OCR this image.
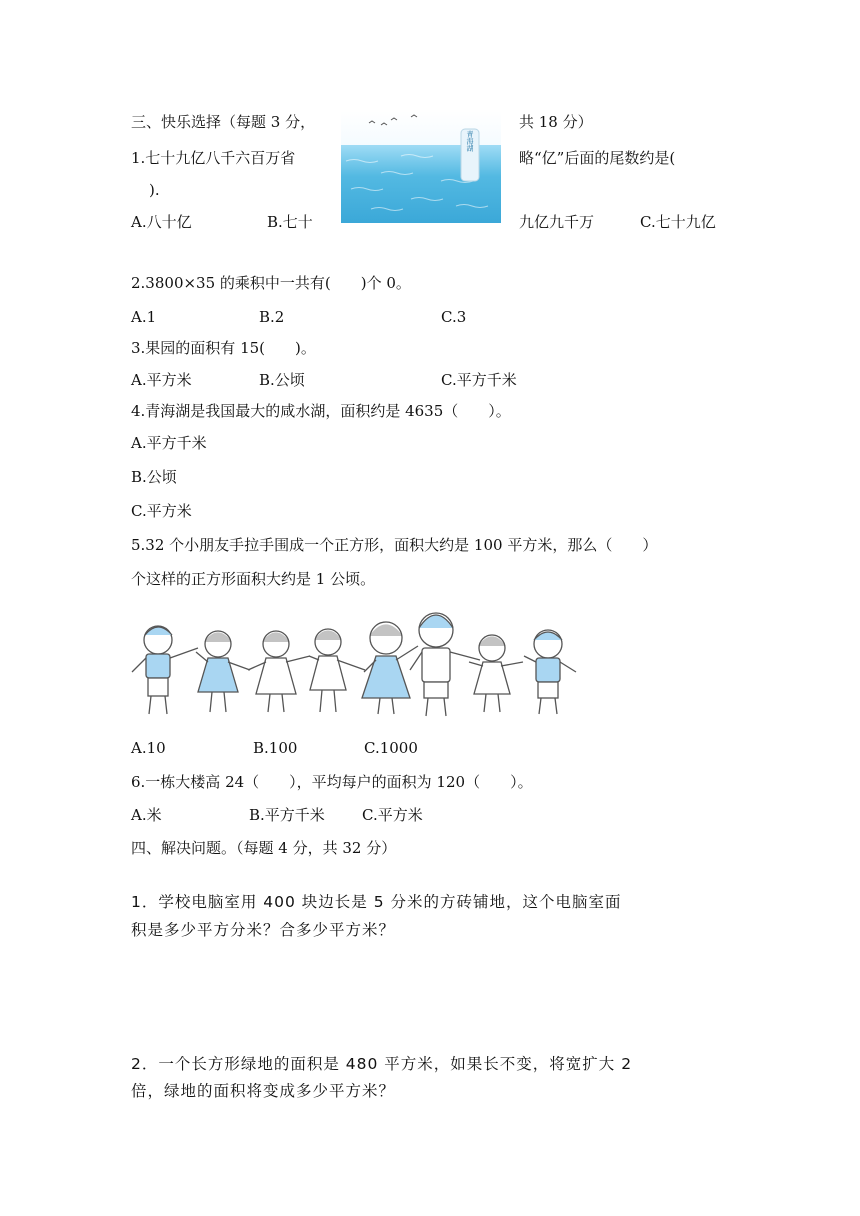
三、快乐选择（每题 3 分，	共 18 分）
青海湖
1.七十九亿八千六百万省	略“亿”后面的尾数约是(
).
A.八十亿	B.七十	九亿九千万	C.七十九亿
2.3800×35 的乘积中一共有(　　)个 0。
A.1	B.2	C.3
3.果园的面积有 15(　　)。
A.平方米	B.公顷	C.平方千米
4.青海湖是我国最大的咸水湖，面积约是 4635（　　）。
A.平方千米
B.公顷
C.平方米
5.32 个小朋友手拉手围成一个正方形，面积大约是 100 平方米，那么（　　）
个这样的正方形面积大约是 1 公顷。
A.10	B.100	C.1000
6.一栋大楼高 24（　　），平均每户的面积为 120（　　）。
A.米	B.平方千米 C.平方米
四、解决问题。（每题 4 分，共 32 分）
1．学校电脑室用 400 块边长是 5 分米的方砖铺地，这个电脑室面
积是多少平方分米？合多少平方米？
2．一个长方形绿地的面积是 480 平方米，如果长不变，将宽扩大 2
倍，绿地的面积将变成多少平方米？
